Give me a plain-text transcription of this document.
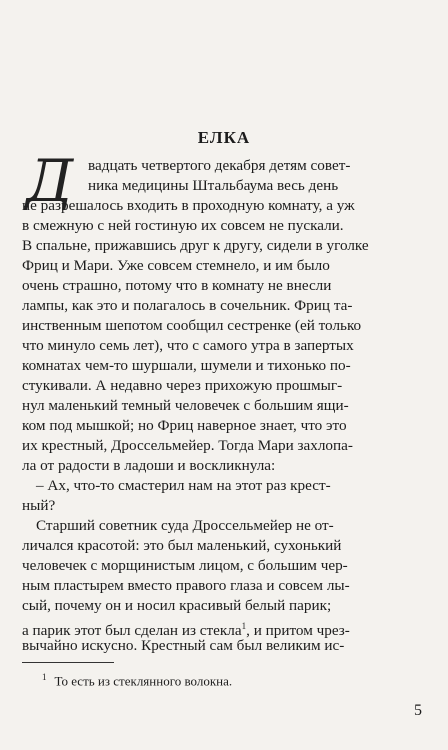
ЕЛКА
Д вадцать четвертого декабря детям совет-
ника медицины Штальбаума весь день
не разрешалось входить в проходную комнату, а уж
в смежную с ней гостиную их совсем не пускали.
В спальне, прижавшись друг к другу, сидели в уголке
Фриц и Мари. Уже совсем стемнело, и им было
очень страшно, потому что в комнату не внесли
лампы, как это и полагалось в сочельник. Фриц та-
инственным шепотом сообщил сестренке (ей только
что минуло семь лет), что с самого утра в запертых
комнатах чем-то шуршали, шумели и тихонько по-
стукивали. А недавно через прихожую прошмыг-
нул маленький темный человечек с большим ящи-
ком под мышкой; но Фриц наверное знает, что это
их крестный, Дроссельмейер. Тогда Мари захлопа-
ла от радости в ладоши и воскликнула:
– Ах, что-то смастерил нам на этот раз крест-
ный?
Старший советник суда Дроссельмейер не от-
личался красотой: это был маленький, сухонький
человечек с морщинистым лицом, с большим чер-
ным пластырем вместо правого глаза и совсем лы-
сый, почему он и носил красивый белый парик;
а парик этот был сделан из стекла$^1$, и притом чрез-
вычайно искусно. Крестный сам был великим ис-
$^1$ То есть из стеклянного волокна.
5
